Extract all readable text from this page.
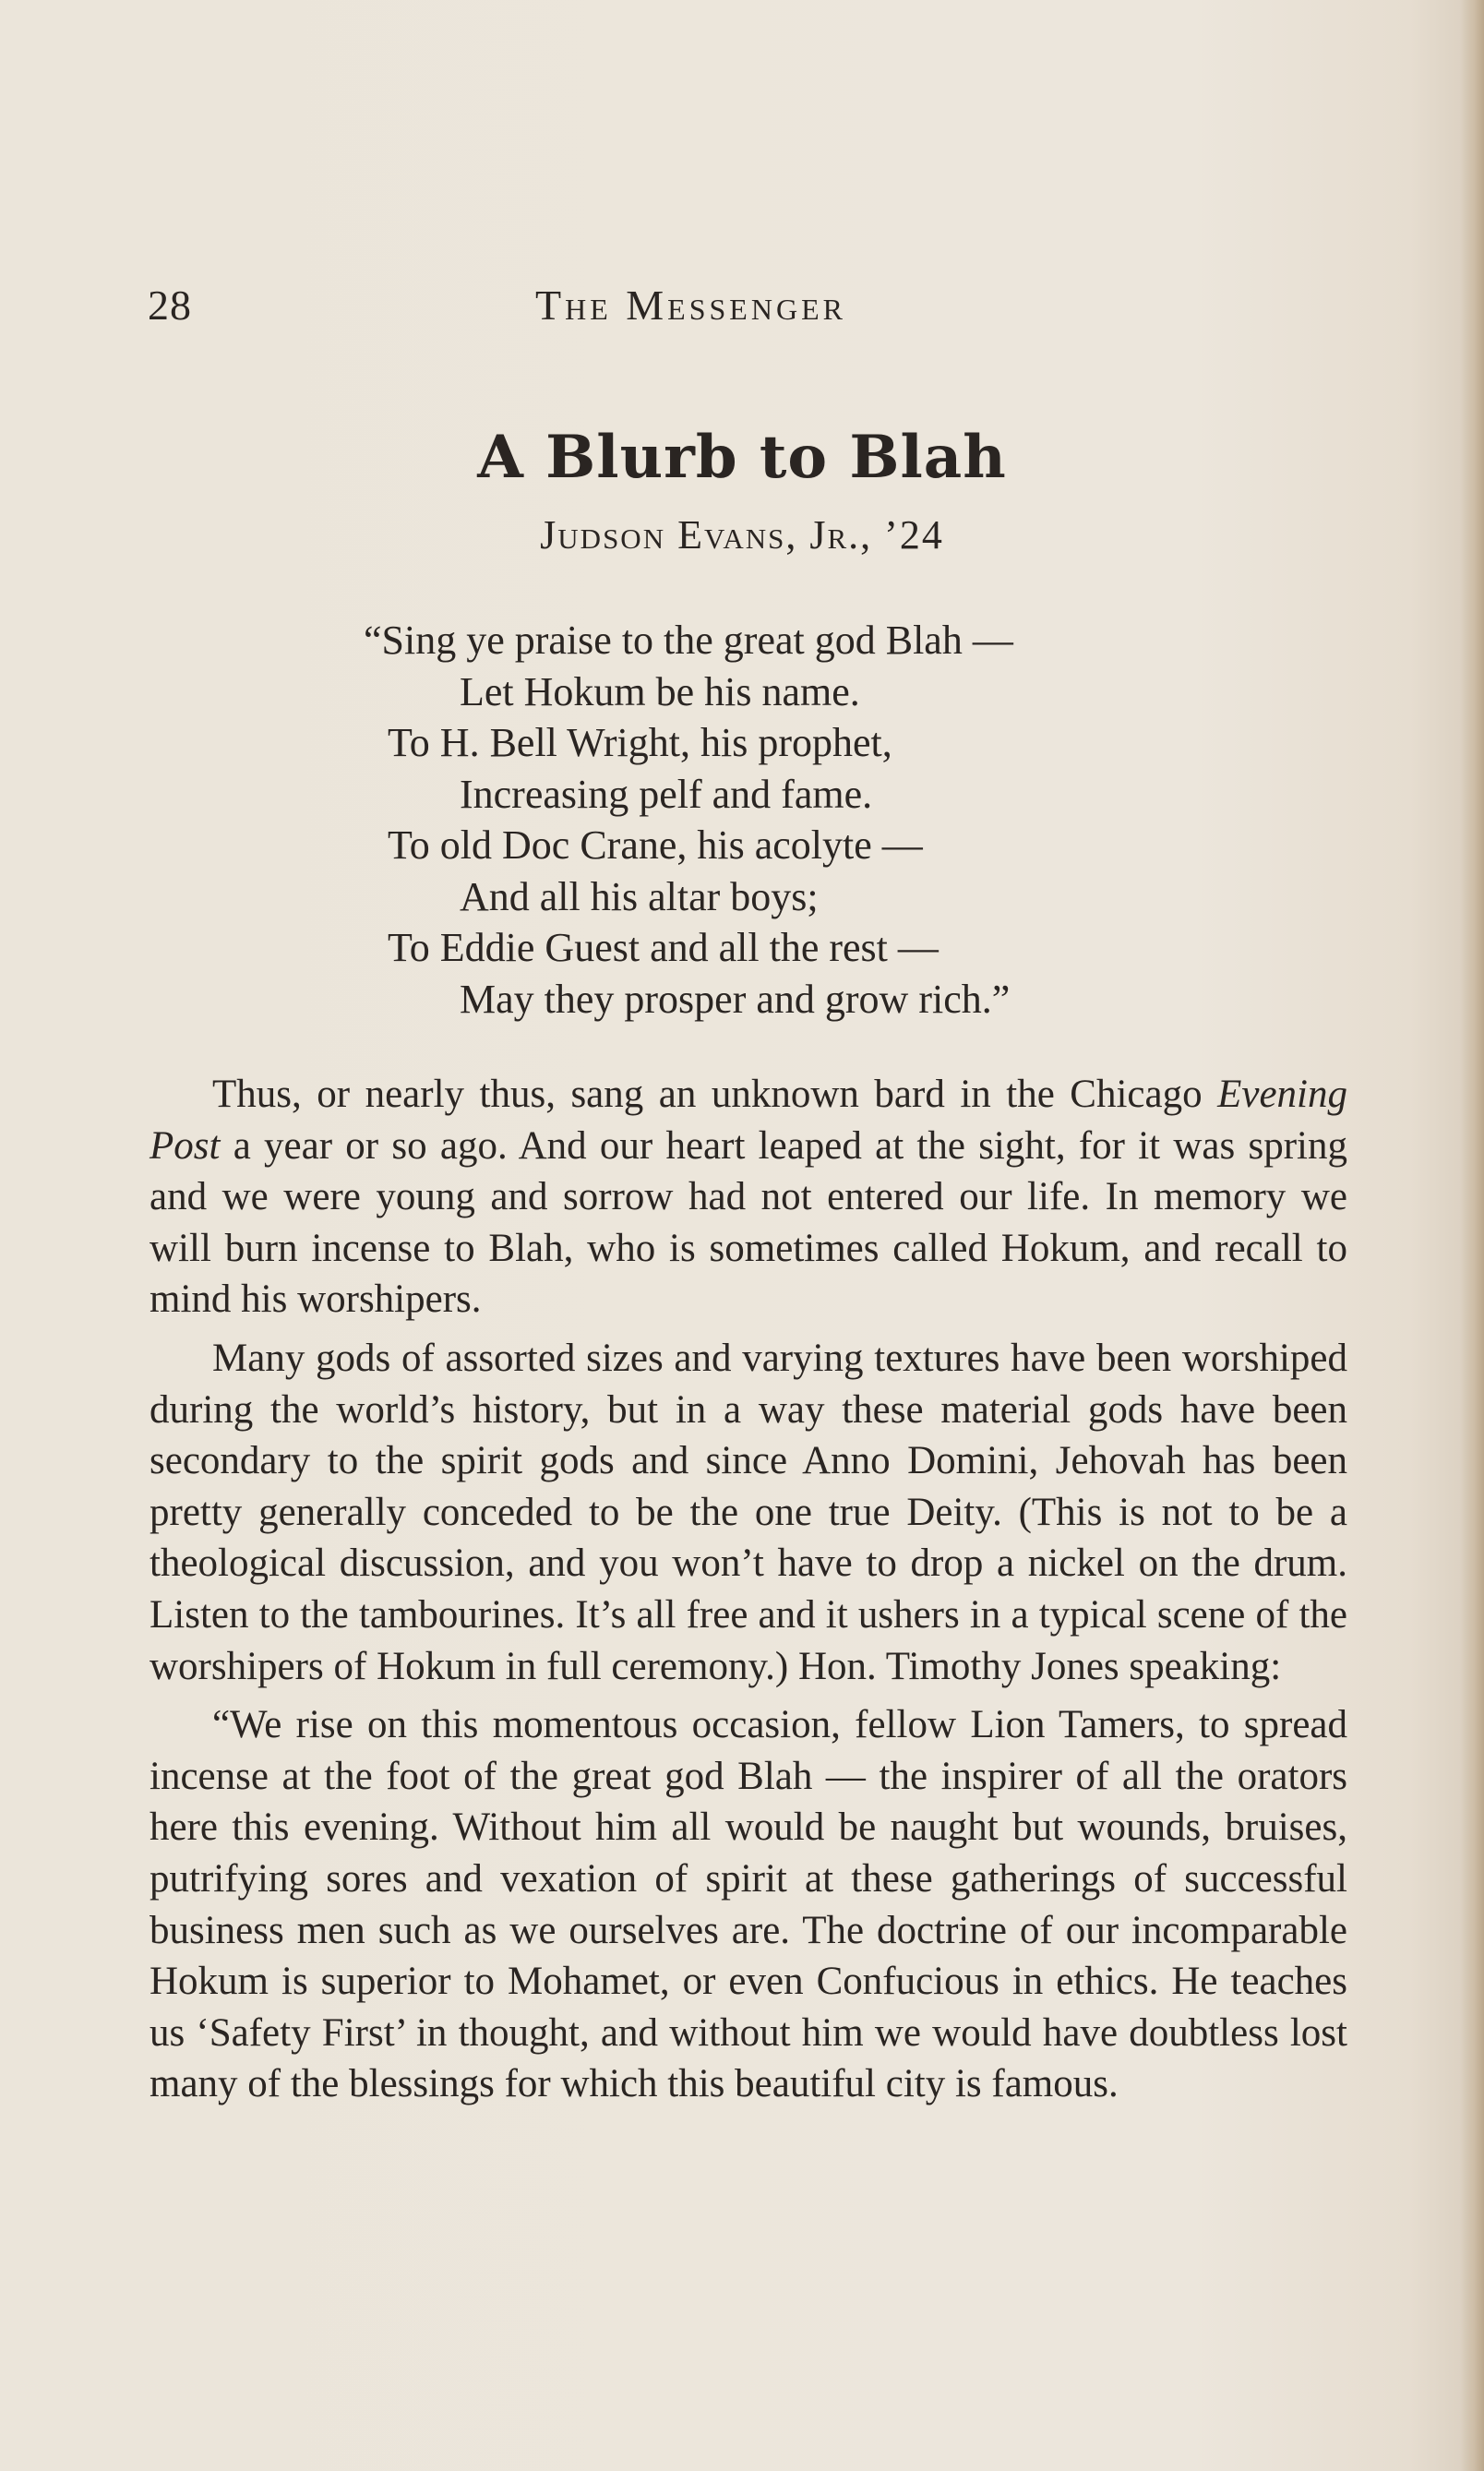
28	The Messenger
A Blurb to Blah
Judson Evans, Jr., ’24
“Sing ye praise to the great god Blah —
Let Hokum be his name.
To H. Bell Wright, his prophet,
Increasing pelf and fame.
To old Doc Crane, his acolyte —
And all his altar boys;
To Eddie Guest and all the rest —
May they prosper and grow rich.”

Thus, or nearly thus, sang an unknown bard in the Chicago Evening Post a year or so ago. And our heart leaped at the sight, for it was spring and we were young and sorrow had not entered our life. In memory we will burn incense to Blah, who is sometimes called Hokum, and recall to mind his worshipers.

Many gods of assorted sizes and varying textures have been worshiped during the world’s history, but in a way these material gods have been secondary to the spirit gods and since Anno Domini, Jehovah has been pretty generally conceded to be the one true Deity. (This is not to be a theological discussion, and you won’t have to drop a nickel on the drum. Listen to the tambourines. It’s all free and it ushers in a typical scene of the worshipers of Hokum in full ceremony.) Hon. Timothy Jones speaking:

“We rise on this momentous occasion, fellow Lion Tamers, to spread incense at the foot of the great god Blah — the inspirer of all the orators here this evening. Without him all would be naught but wounds, bruises, putrifying sores and vexation of spirit at these gatherings of successful business men such as we ourselves are. The doctrine of our incomparable Hokum is superior to Mohamet, or even Confucious in ethics. He teaches us ‘Safety First’ in thought, and without him we would have doubtless lost many of the blessings for which this beautiful city is famous.
